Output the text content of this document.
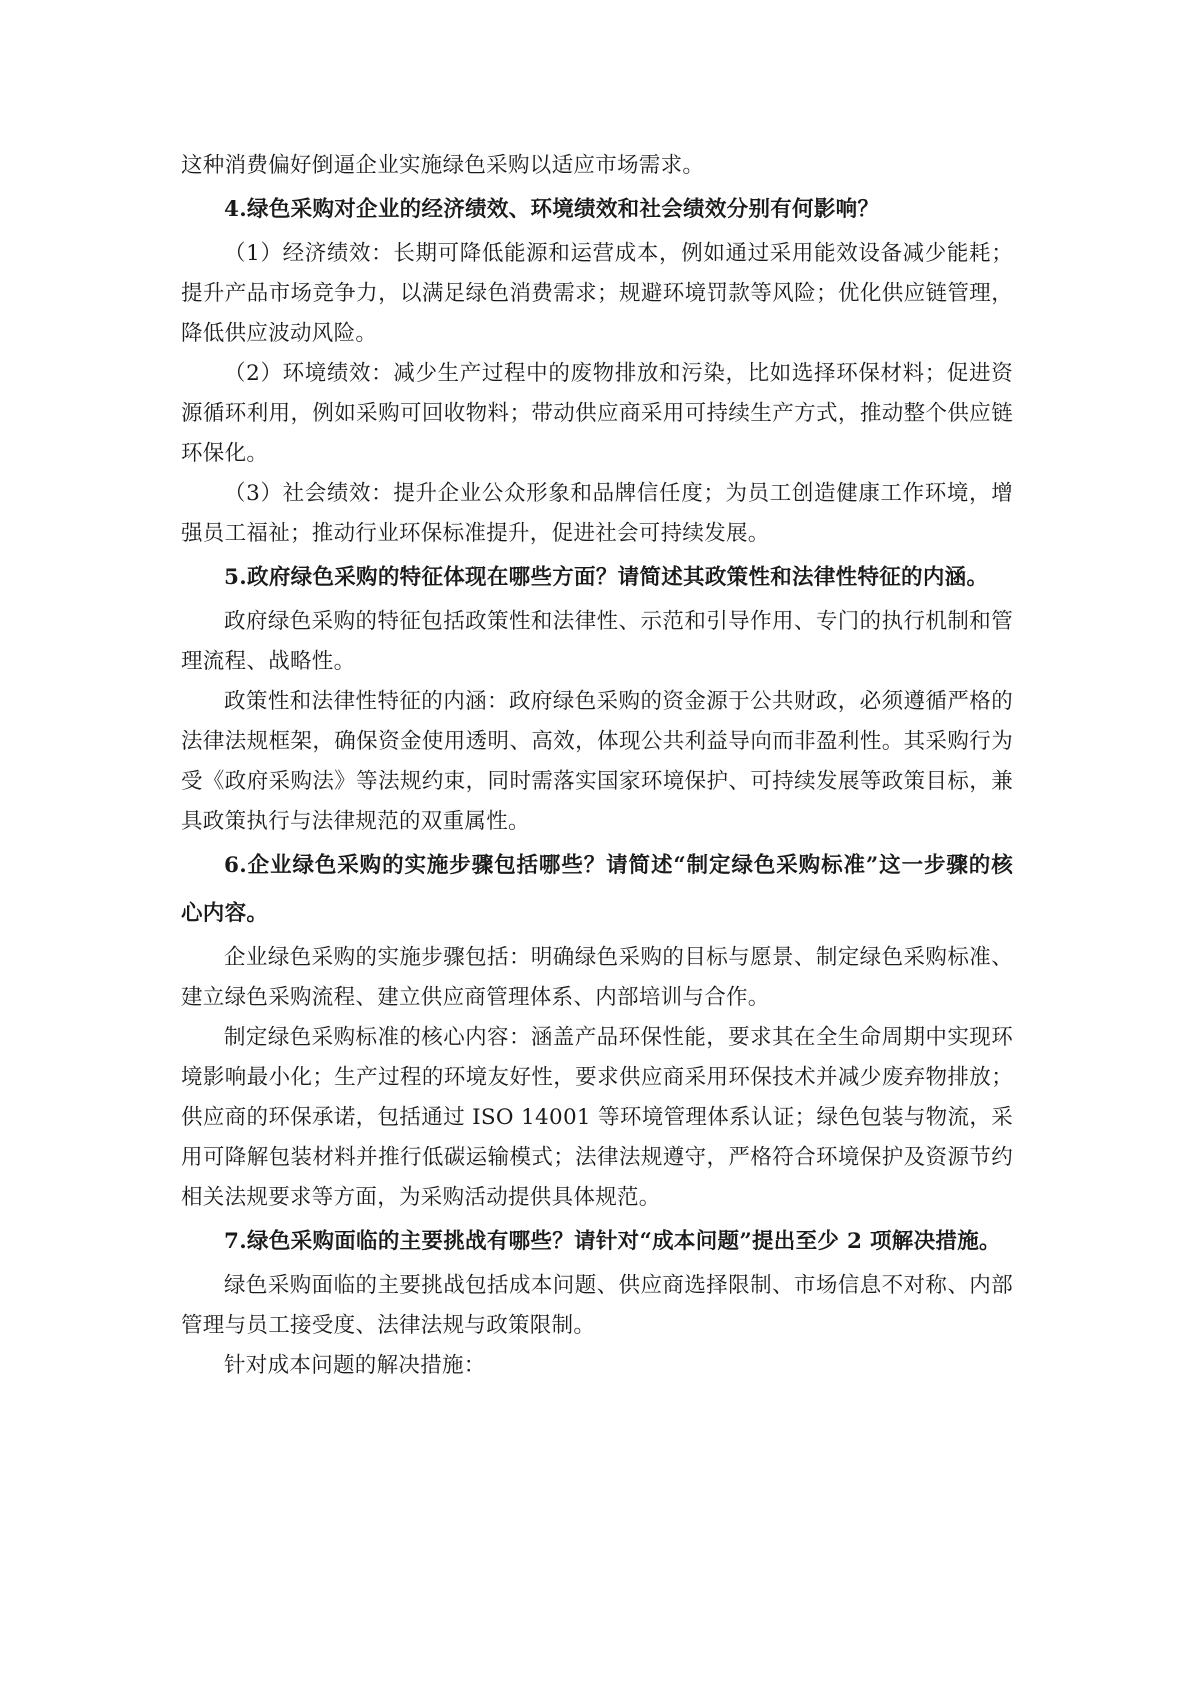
这种消费偏好倒逼企业实施绿色采购以适应市场需求。

4.绿色采购对企业的经济绩效、环境绩效和社会绩效分别有何影响？

（1）经济绩效：长期可降低能源和运营成本，例如通过采用能效设备减少能耗；提升产品市场竞争力，以满足绿色消费需求；规避环境罚款等风险；优化供应链管理，降低供应波动风险。

（2）环境绩效：减少生产过程中的废物排放和污染，比如选择环保材料；促进资源循环利用，例如采购可回收物料；带动供应商采用可持续生产方式，推动整个供应链环保化。

（3）社会绩效：提升企业公众形象和品牌信任度；为员工创造健康工作环境，增强员工福祉；推动行业环保标准提升，促进社会可持续发展。

5.政府绿色采购的特征体现在哪些方面？请简述其政策性和法律性特征的内涵。

政府绿色采购的特征包括政策性和法律性、示范和引导作用、专门的执行机制和管理流程、战略性。

政策性和法律性特征的内涵：政府绿色采购的资金源于公共财政，必须遵循严格的法律法规框架，确保资金使用透明、高效，体现公共利益导向而非盈利性。其采购行为受《政府采购法》等法规约束，同时需落实国家环境保护、可持续发展等政策目标，兼具政策执行与法律规范的双重属性。

6.企业绿色采购的实施步骤包括哪些？请简述“制定绿色采购标准”这一步骤的核心内容。

企业绿色采购的实施步骤包括：明确绿色采购的目标与愿景、制定绿色采购标准、建立绿色采购流程、建立供应商管理体系、内部培训与合作。

制定绿色采购标准的核心内容：涵盖产品环保性能，要求其在全生命周期中实现环境影响最小化；生产过程的环境友好性，要求供应商采用环保技术并减少废弃物排放；供应商的环保承诺，包括通过 ISO 14001 等环境管理体系认证；绿色包装与物流，采用可降解包装材料并推行低碳运输模式；法律法规遵守，严格符合环境保护及资源节约相关法规要求等方面，为采购活动提供具体规范。

7.绿色采购面临的主要挑战有哪些？请针对“成本问题”提出至少 2 项解决措施。

绿色采购面临的主要挑战包括成本问题、供应商选择限制、市场信息不对称、内部管理与员工接受度、法律法规与政策限制。

针对成本问题的解决措施：
